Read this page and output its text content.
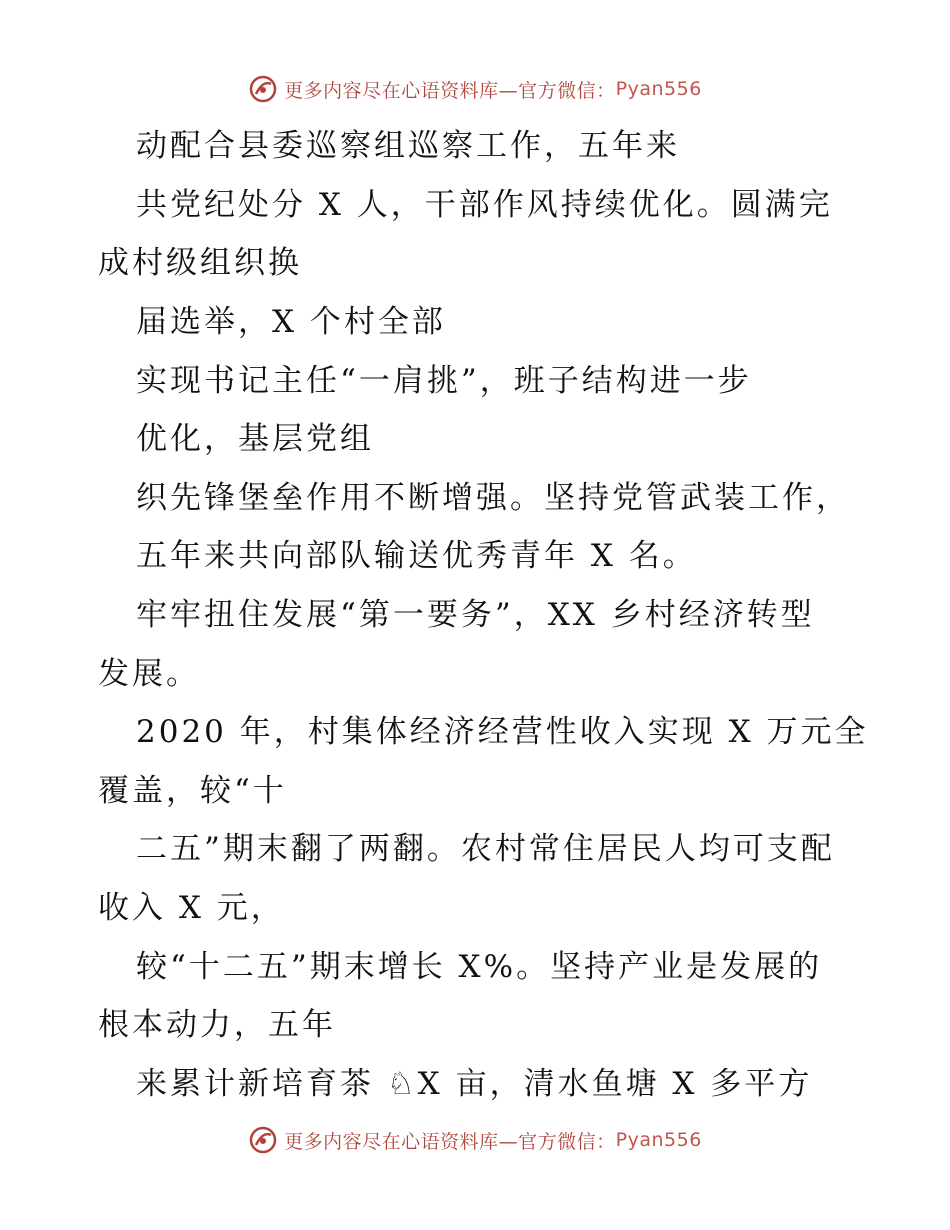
更多内容尽在心语资料库—官方微信： Pyan556
动配合县委巡察组巡察工作，五年来
共党纪处分 X 人，干部作风持续优化。圆满完
成村级组织换
届选举，X 个村全部
实现书记主任“一肩挑”，班子结构进一步
优化，基层党组
织先锋堡垒作用不断增强。坚持党管武装工作，
五年来共向部队输送优秀青年 X 名。
牢牢扭住发展“第一要务”，XX 乡村经济转型
发展。
2020 年，村集体经济经营性收入实现 X 万元全
覆盖，较“十
二五”期末翻了两翻。农村常住居民人均可支配
收入 X 元，
较“十二五”期末增长 X%。坚持产业是发展的
根本动力，五年
来累计新培育茶 ♘X 亩，清水鱼塘 X 多平方
更多内容尽在心语资料库—官方微信： Pyan556
